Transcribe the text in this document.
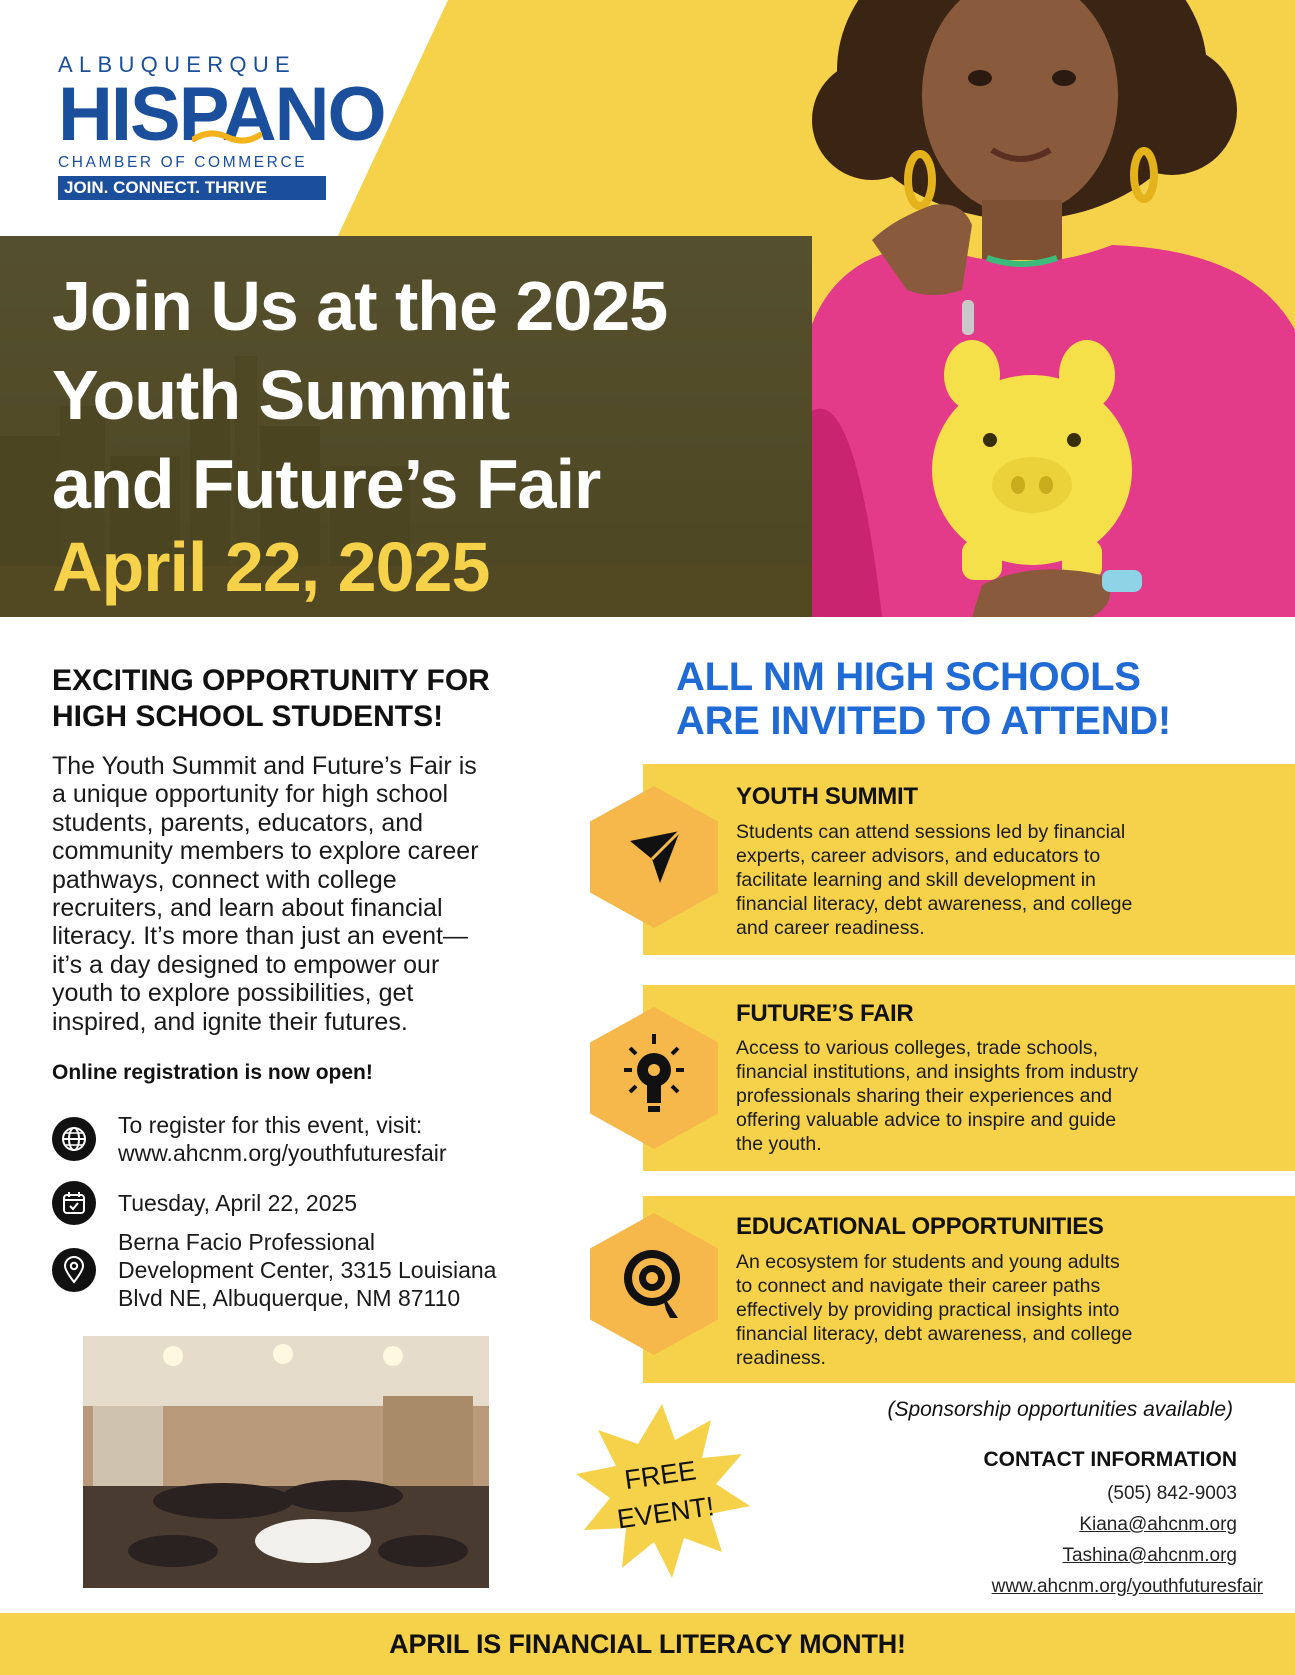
ALBUQUERQUE
HISPANO
CHAMBER OF COMMERCE
JOIN. CONNECT. THRIVE
Join Us at the 2025
Youth Summit
and Future’s Fair
April 22, 2025
EXCITING OPPORTUNITY FOR
HIGH SCHOOL STUDENTS!
The Youth Summit and Future’s Fair is
a unique opportunity for high school
students, parents, educators, and
community members to explore career
pathways, connect with college
recruiters, and learn about financial
literacy. It’s more than just an event—
it’s a day designed to empower our
youth to explore possibilities, get
inspired, and ignite their futures.
Online registration is now open!
To register for this event, visit:
www.ahcnm.org/youthfuturesfair
Tuesday, April 22, 2025
Berna Facio Professional
Development Center, 3315 Louisiana
Blvd NE, Albuquerque, NM 87110
ALL NM HIGH SCHOOLS
ARE INVITED TO ATTEND!
YOUTH SUMMIT
Students can attend sessions led by financial
experts, career advisors, and educators to
facilitate learning and skill development in
financial literacy, debt awareness, and college
and career readiness.
FUTURE’S FAIR
Access to various colleges, trade schools,
financial institutions, and insights from industry
professionals sharing their experiences and
offering valuable advice to inspire and guide
the youth.
EDUCATIONAL OPPORTUNITIES
An ecosystem for students and young adults
to connect and navigate their career paths
effectively by providing practical insights into
financial literacy, debt awareness, and college
readiness.
(Sponsorship opportunities available)
FREE
EVENT!
CONTACT INFORMATION
(505) 842-9003
Kiana@ahcnm.org
Tashina@ahcnm.org
www.ahcnm.org/youthfuturesfair
APRIL IS FINANCIAL LITERACY MONTH!
